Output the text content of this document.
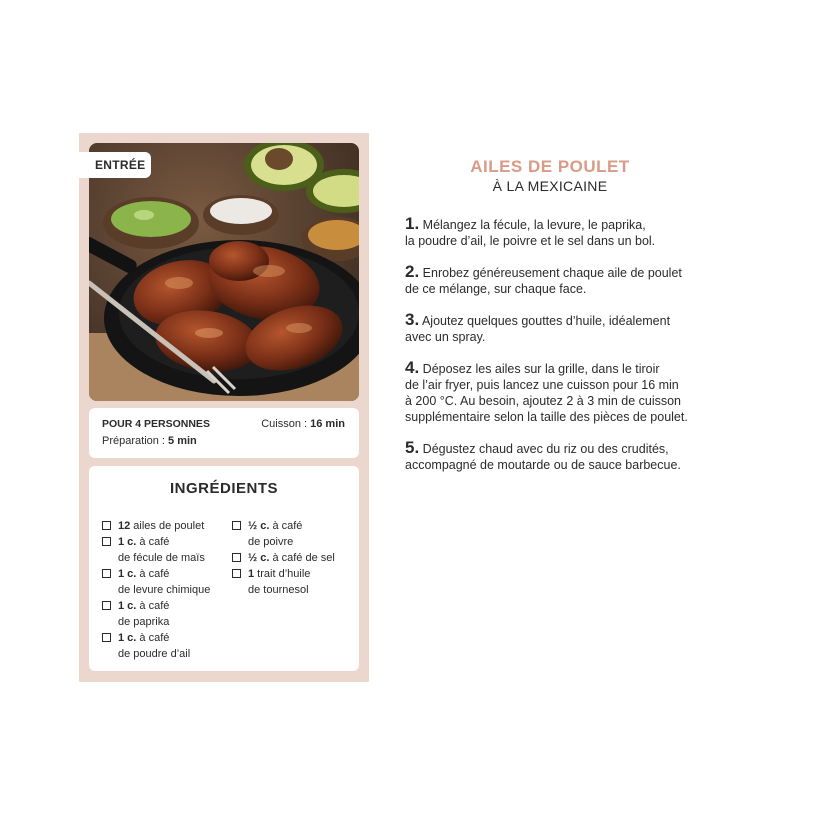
ENTRÉE
POUR 4 PERSONNES
Préparation : 5 min
Cuisson : 16 min
INGRÉDIENTS
12 ailes de poulet
1 c. à café
de fécule de maïs
1 c. à café
de levure chimique
1 c. à café
de paprika
1 c. à café
de poudre d’ail
½ c. à café
de poivre
½ c. à café de sel
1 trait d’huile
de tournesol
AILES DE POULET
À LA MEXICAINE
1. Mélangez la fécule, la levure, le paprika,
la poudre d’ail, le poivre et le sel dans un bol.
2. Enrobez généreusement chaque aile de poulet
de ce mélange, sur chaque face.
3. Ajoutez quelques gouttes d’huile, idéalement
avec un spray.
4. Déposez les ailes sur la grille, dans le tiroir
de l’air fryer, puis lancez une cuisson pour 16 min
à 200 °C. Au besoin, ajoutez 2 à 3 min de cuisson
supplémentaire selon la taille des pièces de poulet.
5. Dégustez chaud avec du riz ou des crudités,
accompagné de moutarde ou de sauce barbecue.
